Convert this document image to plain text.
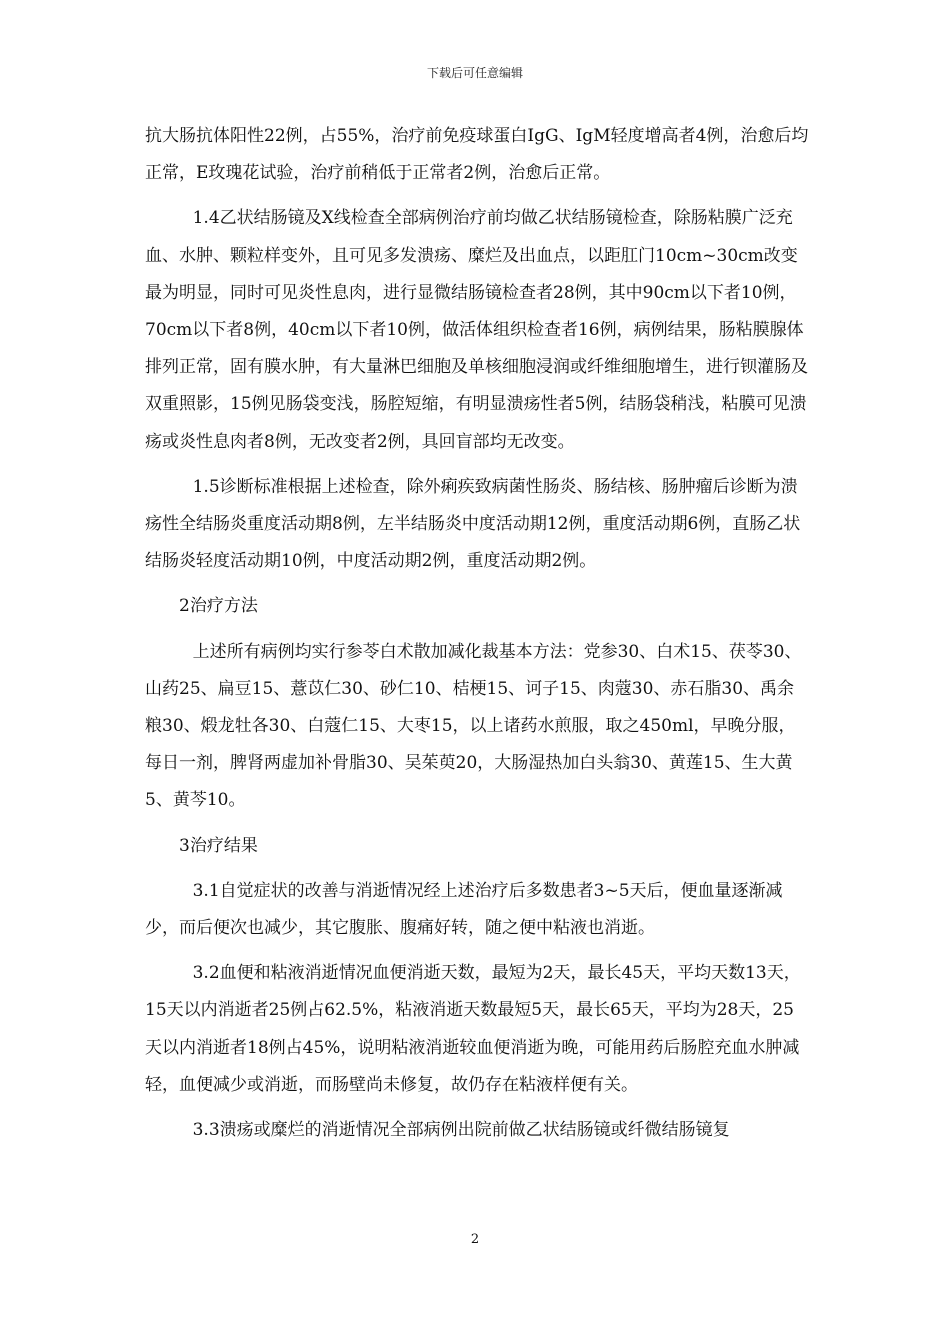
下载后可任意编辑

抗大肠抗体阳性22例，占55%，治疗前免疫球蛋白IgG、IgM轻度增高者4例，治愈后均正常，E玫瑰花试验，治疗前稍低于正常者2例，治愈后正常。

1.4乙状结肠镜及X线检查全部病例治疗前均做乙状结肠镜检查，除肠粘膜广泛充血、水肿、颗粒样变外，且可见多发溃疡、糜烂及出血点，以距肛门10cm~30cm改变最为明显，同时可见炎性息肉，进行显微结肠镜检查者28例，其中90cm以下者10例，70cm以下者8例，40cm以下者10例，做活体组织检查者16例，病例结果，肠粘膜腺体排列正常，固有膜水肿，有大量淋巴细胞及单核细胞浸润或纤维细胞增生，进行钡灌肠及双重照影，15例见肠袋变浅，肠腔短缩，有明显溃疡性者5例，结肠袋稍浅，粘膜可见溃疡或炎性息肉者8例，无改变者2例，具回盲部均无改变。

1.5诊断标准根据上述检查，除外痢疾致病菌性肠炎、肠结核、肠肿瘤后诊断为溃疡性全结肠炎重度活动期8例，左半结肠炎中度活动期12例，重度活动期6例，直肠乙状结肠炎轻度活动期10例，中度活动期2例，重度活动期2例。

2治疗方法

上述所有病例均实行参苓白术散加减化裁基本方法：党参30、白术15、茯苓30、山药25、扁豆15、薏苡仁30、砂仁10、桔梗15、诃子15、肉蔻30、赤石脂30、禹余粮30、煅龙牡各30、白蔻仁15、大枣15，以上诸药水煎服，取之450ml，早晚分服，每日一剂，脾肾两虚加补骨脂30、吴茱萸20，大肠湿热加白头翁30、黄莲15、生大黄5、黄芩10。

3治疗结果

3.1自觉症状的改善与消逝情况经上述治疗后多数患者3~5天后，便血量逐渐减少，而后便次也减少，其它腹胀、腹痛好转，随之便中粘液也消逝。

3.2血便和粘液消逝情况血便消逝天数，最短为2天，最长45天，平均天数13天，15天以内消逝者25例占62.5%，粘液消逝天数最短5天，最长65天，平均为28天，25天以内消逝者18例占45%，说明粘液消逝较血便消逝为晚，可能用药后肠腔充血水肿减轻，血便减少或消逝，而肠壁尚未修复，故仍存在粘液样便有关。

3.3溃疡或糜烂的消逝情况全部病例出院前做乙状结肠镜或纤微结肠镜复

2
